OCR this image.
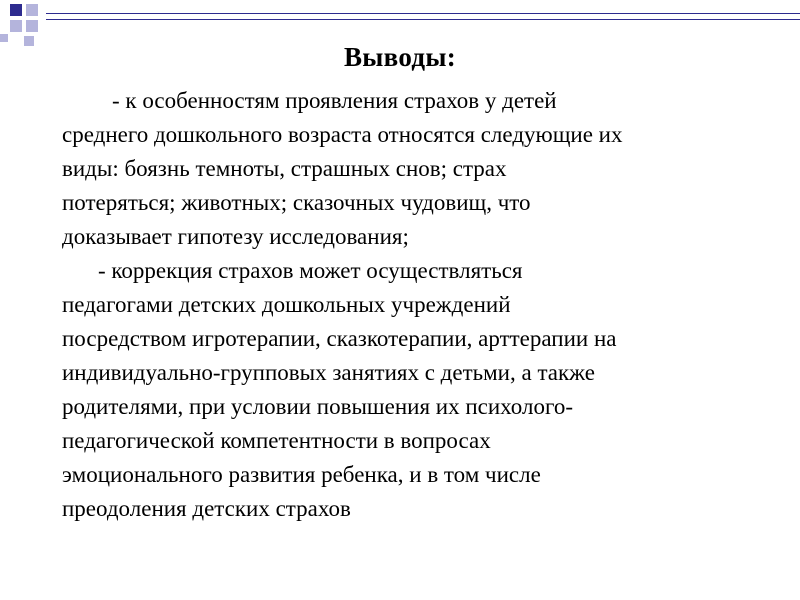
Выводы:
- к особенностям проявления страхов у детей
среднего дошкольного возраста относятся следующие их
виды: боязнь темноты, страшных снов; страх
потеряться; животных; сказочных чудовищ, что
доказывает гипотезу исследования;
- коррекция страхов может осуществляться
педагогами детских дошкольных учреждений
посредством игротерапии, сказкотерапии, арттерапии на
индивидуально-групповых занятиях с детьми, а также
родителями, при условии повышения их психолого-
педагогической компетентности в вопросах
эмоционального развития ребенка, и в том числе
преодоления детских страхов
